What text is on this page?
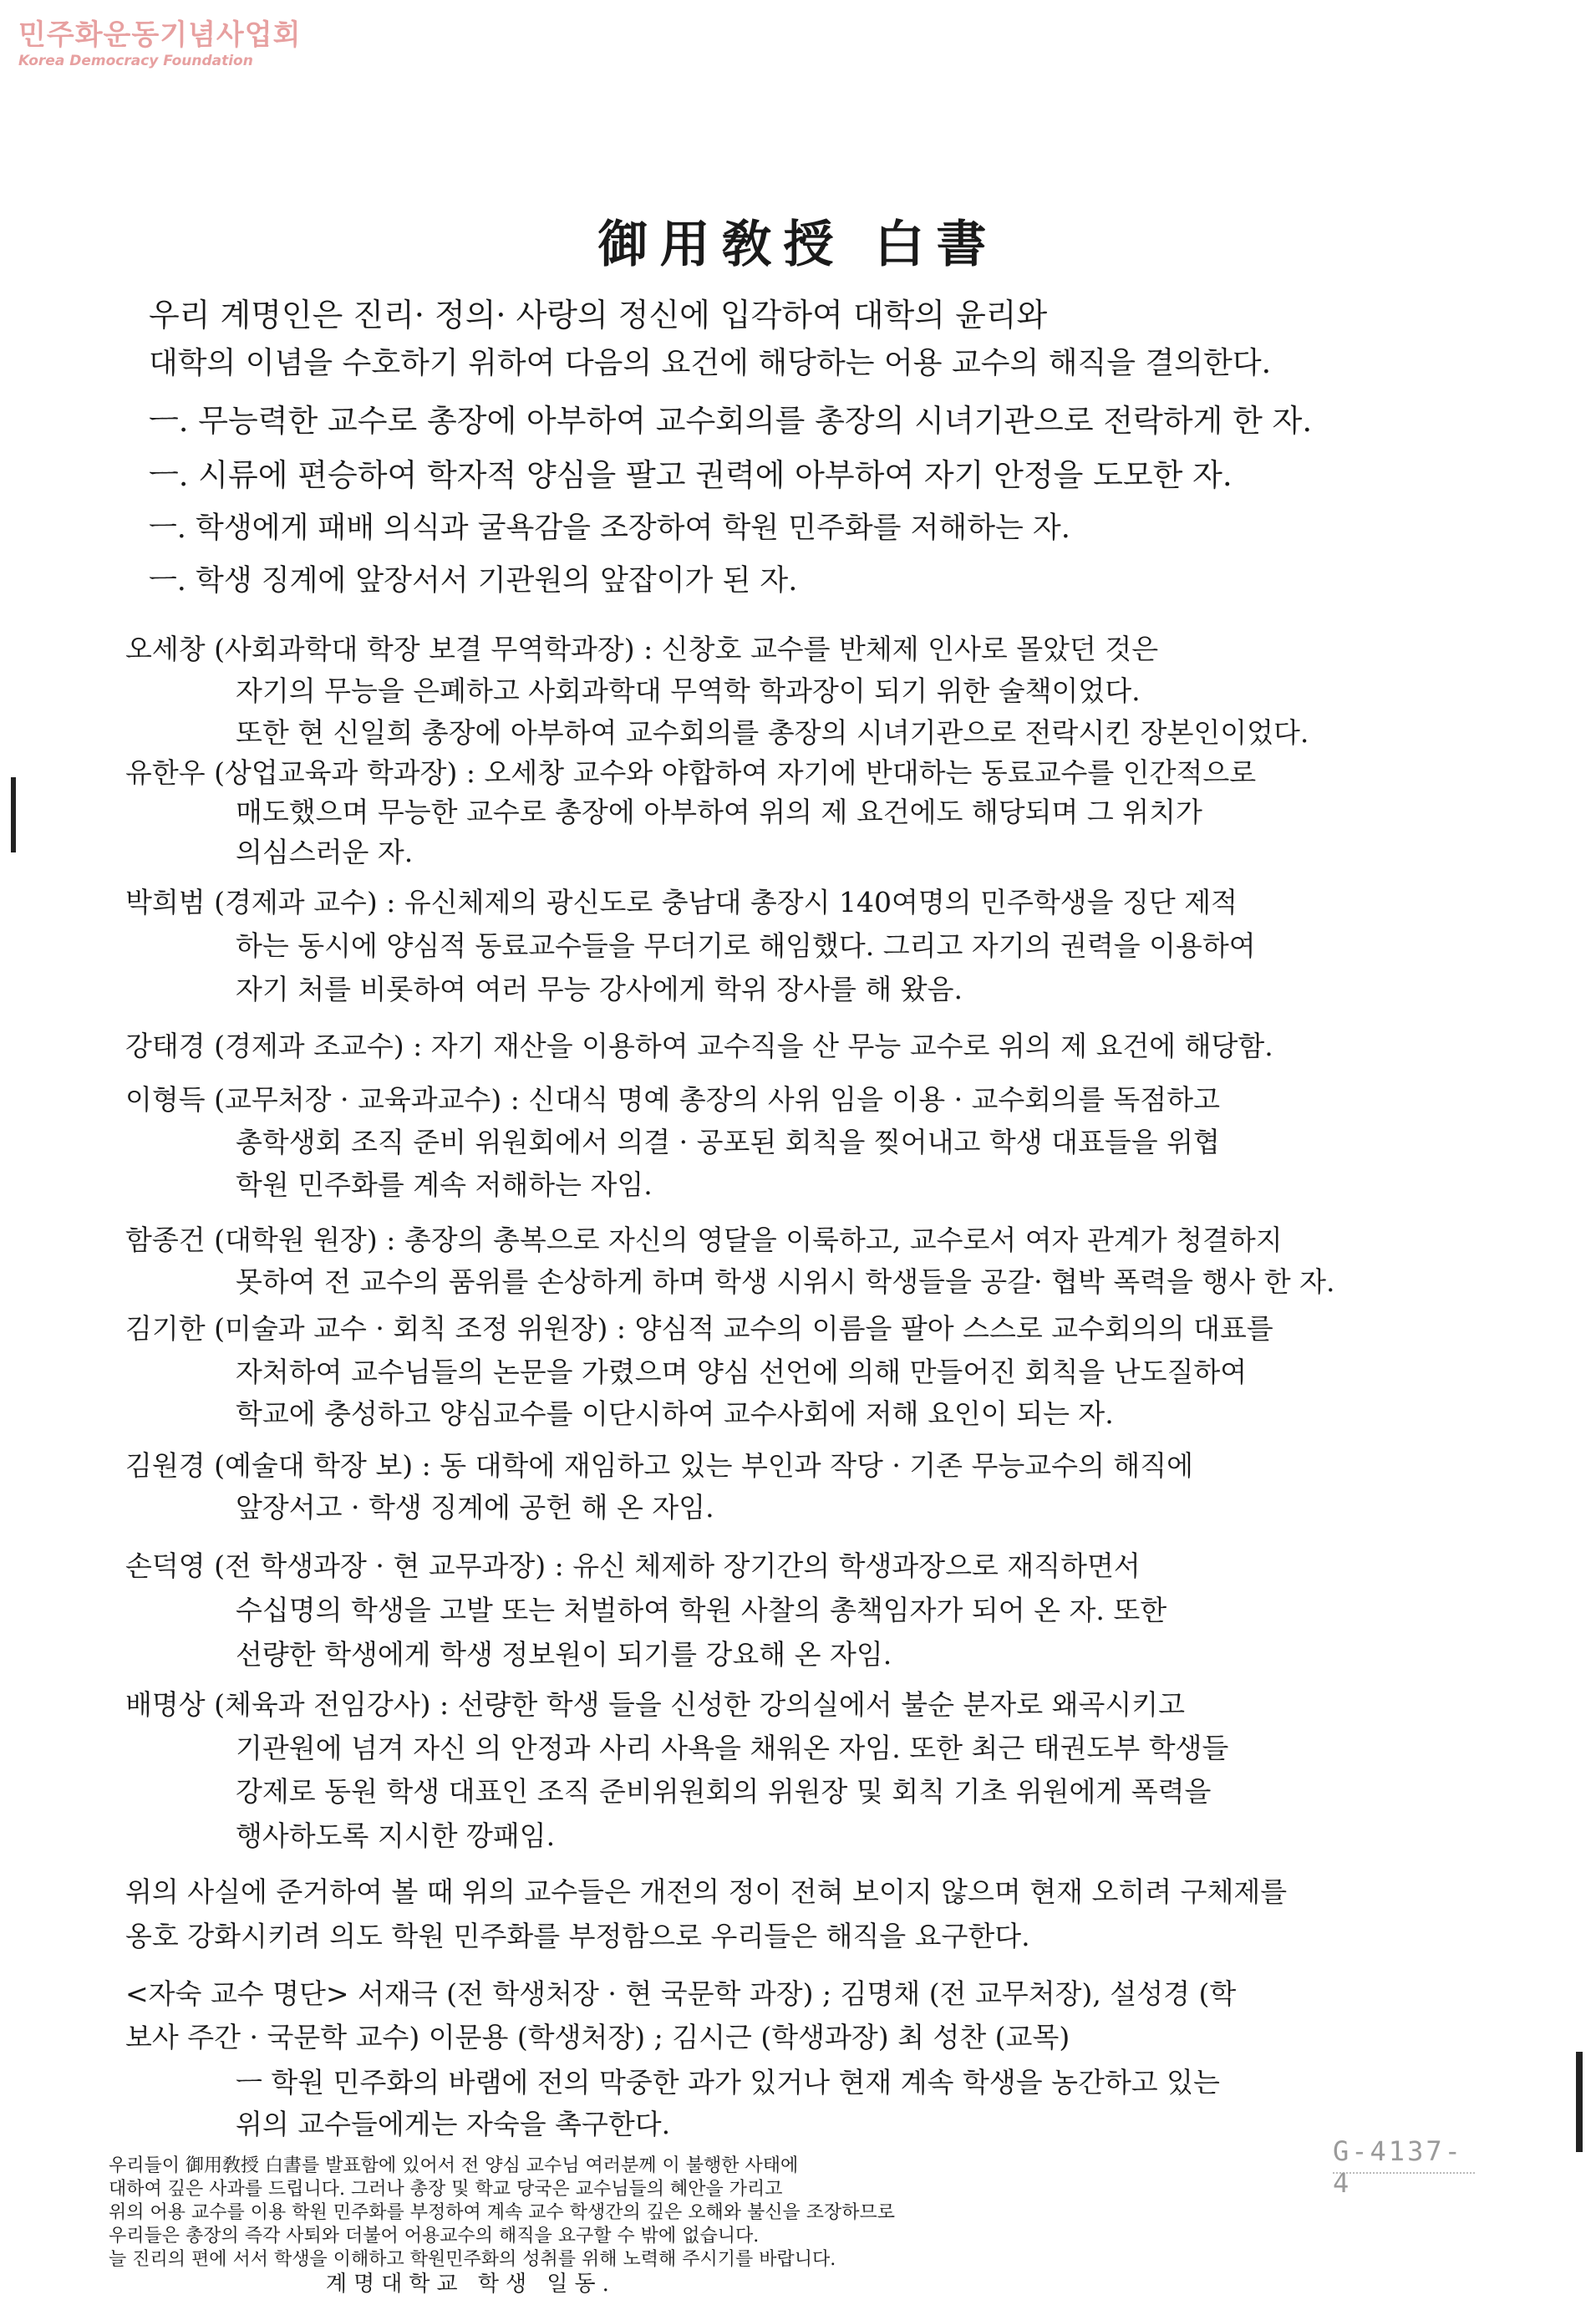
민주화운동기념사업회
Korea Democracy Foundation
御用敎授 白書
우리 계명인은 진리· 정의· 사랑의 정신에 입각하여 대학의 윤리와
대학의 이념을 수호하기 위하여 다음의 요건에 해당하는 어용 교수의 해직을 결의한다.
ㅡ. 무능력한 교수로 총장에 아부하여 교수회의를 총장의 시녀기관으로 전락하게 한 자.
ㅡ. 시류에 편승하여 학자적 양심을 팔고 권력에 아부하여 자기 안정을 도모한 자.
ㅡ. 학생에게 패배 의식과 굴욕감을 조장하여 학원 민주화를 저해하는 자.
ㅡ. 학생 징계에 앞장서서 기관원의 앞잡이가 된 자.
오세창 (사회과학대 학장 보결 무역학과장) : 신창호 교수를 반체제 인사로 몰았던 것은
자기의 무능을 은폐하고 사회과학대 무역학 학과장이 되기 위한 술책이었다.
또한 현 신일희 총장에 아부하여 교수회의를 총장의 시녀기관으로 전락시킨 장본인이었다.
유한우 (상업교육과 학과장) : 오세창 교수와 야합하여 자기에 반대하는 동료교수를 인간적으로
매도했으며 무능한 교수로 총장에 아부하여 위의 제 요건에도 해당되며 그 위치가
의심스러운 자.
박희범 (경제과 교수) : 유신체제의 광신도로 충남대 총장시 140여명의 민주학생을 징단 제적
하는 동시에 양심적 동료교수들을 무더기로 해임했다. 그리고 자기의 권력을 이용하여
자기 처를 비롯하여 여러 무능 강사에게 학위 장사를 해 왔음.
강태경 (경제과 조교수) : 자기 재산을 이용하여 교수직을 산 무능 교수로 위의 제 요건에 해당함.
이형득 (교무처장 · 교육과교수) : 신대식 명예 총장의 사위 임을 이용 · 교수회의를 독점하고
총학생회 조직 준비 위원회에서 의결 · 공포된 회칙을 찢어내고 학생 대표들을 위협
학원 민주화를 계속 저해하는 자임.
함종건 (대학원 원장) : 총장의 총복으로 자신의 영달을 이룩하고, 교수로서 여자 관계가 청결하지
못하여 전 교수의 품위를 손상하게 하며 학생 시위시 학생들을 공갈· 협박 폭력을 행사 한 자.
김기한 (미술과 교수 · 회칙 조정 위원장) : 양심적 교수의 이름을 팔아 스스로 교수회의의 대표를
자처하여 교수님들의 논문을 가렸으며 양심 선언에 의해 만들어진 회칙을 난도질하여
학교에 충성하고 양심교수를 이단시하여 교수사회에 저해 요인이 되는 자.
김원경 (예술대 학장 보) : 동 대학에 재임하고 있는 부인과 작당 · 기존 무능교수의 해직에
앞장서고 · 학생 징계에 공헌 해 온 자임.
손덕영 (전 학생과장 · 현 교무과장) : 유신 체제하 장기간의 학생과장으로 재직하면서
수십명의 학생을 고발 또는 처벌하여 학원 사찰의 총책임자가 되어 온 자. 또한
선량한 학생에게 학생 정보원이 되기를 강요해 온 자임.
배명상 (체육과 전임강사) : 선량한 학생 들을 신성한 강의실에서 불순 분자로 왜곡시키고
기관원에 넘겨 자신 의 안정과 사리 사욕을 채워온 자임. 또한 최근 태권도부 학생들
강제로 동원 학생 대표인 조직 준비위원회의 위원장 및 회칙 기초 위원에게 폭력을
행사하도록 지시한 깡패임.
위의 사실에 준거하여 볼 때 위의 교수들은 개전의 정이 전혀 보이지 않으며 현재 오히려 구체제를
옹호 강화시키려 의도 학원 민주화를 부정함으로 우리들은 해직을 요구한다.
<자숙 교수 명단> 서재극 (전 학생처장 · 현 국문학 과장) ; 김명채 (전 교무처장), 설성경 (학
보사 주간 · 국문학 교수) 이문용 (학생처장) ; 김시근 (학생과장) 최 성찬 (교목)
ㅡ 학원 민주화의 바램에 전의 막중한 과가 있거나 현재 계속 학생을 농간하고 있는
위의 교수들에게는 자숙을 촉구한다.
우리들이 御用敎授 白書를 발표함에 있어서 전 양심 교수님 여러분께 이 불행한 사태에
대하여 깊은 사과를 드립니다. 그러나 총장 및 학교 당국은 교수님들의 혜안을 가리고
위의 어용 교수를 이용 학원 민주화를 부정하여 계속 교수 학생간의 깊은 오해와 불신을 조장하므로
우리들은 총장의 즉각 사퇴와 더불어 어용교수의 해직을 요구할 수 밖에 없습니다.
늘 진리의 편에 서서 학생을 이해하고 학원민주화의 성취를 위해 노력해 주시기를 바랍니다.
계명대학교 학생 일동.
G-4137-4
